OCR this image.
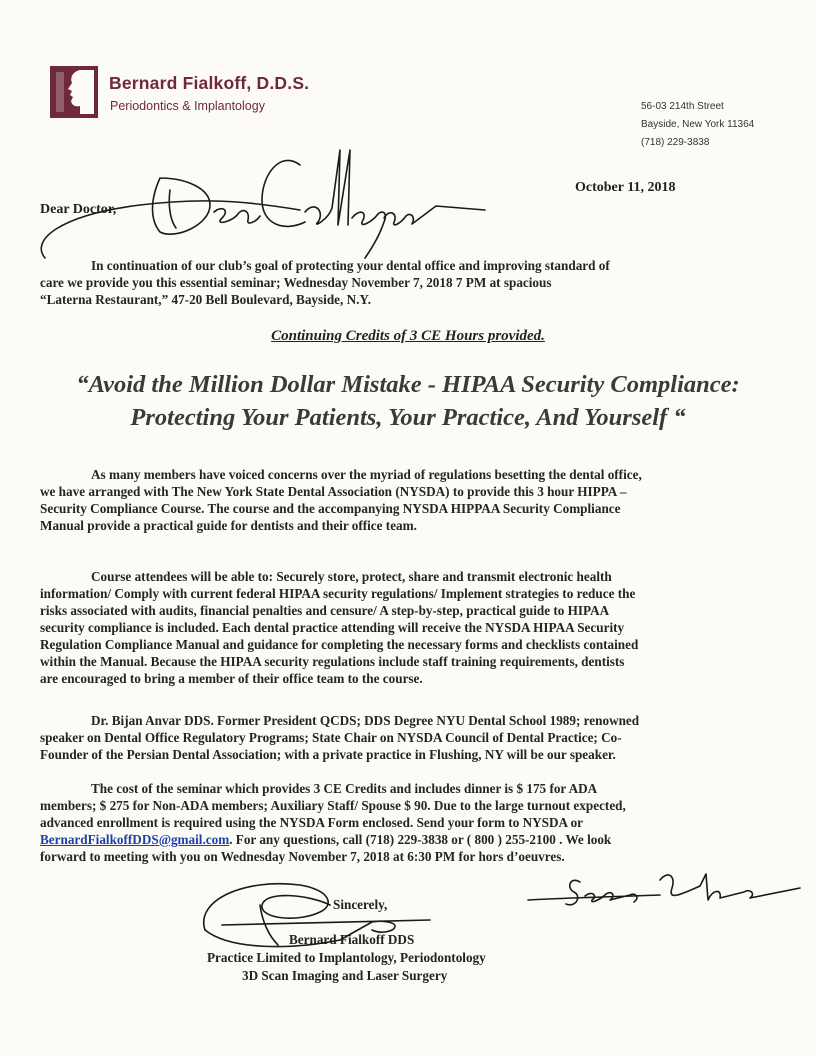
Bernard Fialkoff, D.D.S.
Periodontics & Implantology	56-03 214th Street
Bayside, New York 11364
(718) 229-3838
October 11, 2018
Dear Doctor,
In continuation of our club’s goal of protecting your dental office and improving standard of
care we provide you this essential seminar; Wednesday November 7, 2018 7 PM at spacious
“Laterna Restaurant,” 47-20 Bell Boulevard, Bayside, N.Y.
Continuing Credits of 3 CE Hours provided.
“Avoid the Million Dollar Mistake - HIPAA Security Compliance:
Protecting Your Patients, Your Practice, And Yourself “
As many members have voiced concerns over the myriad of regulations besetting the dental office,
we have arranged with The New York State Dental Association (NYSDA) to provide this 3 hour HIPPA –
Security Compliance Course. The course and the accompanying NYSDA HIPPAA Security Compliance
Manual provide a practical guide for dentists and their office team.
Course attendees will be able to: Securely store, protect, share and transmit electronic health
information/ Comply with current federal HIPAA security regulations/ Implement strategies to reduce the
risks associated with audits, financial penalties and censure/ A step-by-step, practical guide to HIPAA
security compliance is included. Each dental practice attending will receive the NYSDA HIPAA Security
Regulation Compliance Manual and guidance for completing the necessary forms and checklists contained
within the Manual. Because the HIPAA security regulations include staff training requirements, dentists
are encouraged to bring a member of their office team to the course.
Dr. Bijan Anvar DDS. Former President QCDS; DDS Degree NYU Dental School 1989; renowned
speaker on Dental Office Regulatory Programs; State Chair on NYSDA Council of Dental Practice; Co-
Founder of the Persian Dental Association; with a private practice in Flushing, NY will be our speaker.
The cost of the seminar which provides 3 CE Credits and includes dinner is $ 175 for ADA
members; $ 275 for Non-ADA members; Auxiliary Staff/ Spouse $ 90. Due to the large turnout expected,
advanced enrollment is required using the NYSDA Form enclosed. Send your form to NYSDA or
BernardFialkoffDDS@gmail.com. For any questions, call (718) 229-3838 or ( 800 ) 255-2100 . We look
forward to meeting with you on Wednesday November 7, 2018 at 6:30 PM for hors d’oeuvres.
Sincerely,
Bernard Fialkoff DDS
Practice Limited to Implantology, Periodontology
3D Scan Imaging and Laser Surgery
